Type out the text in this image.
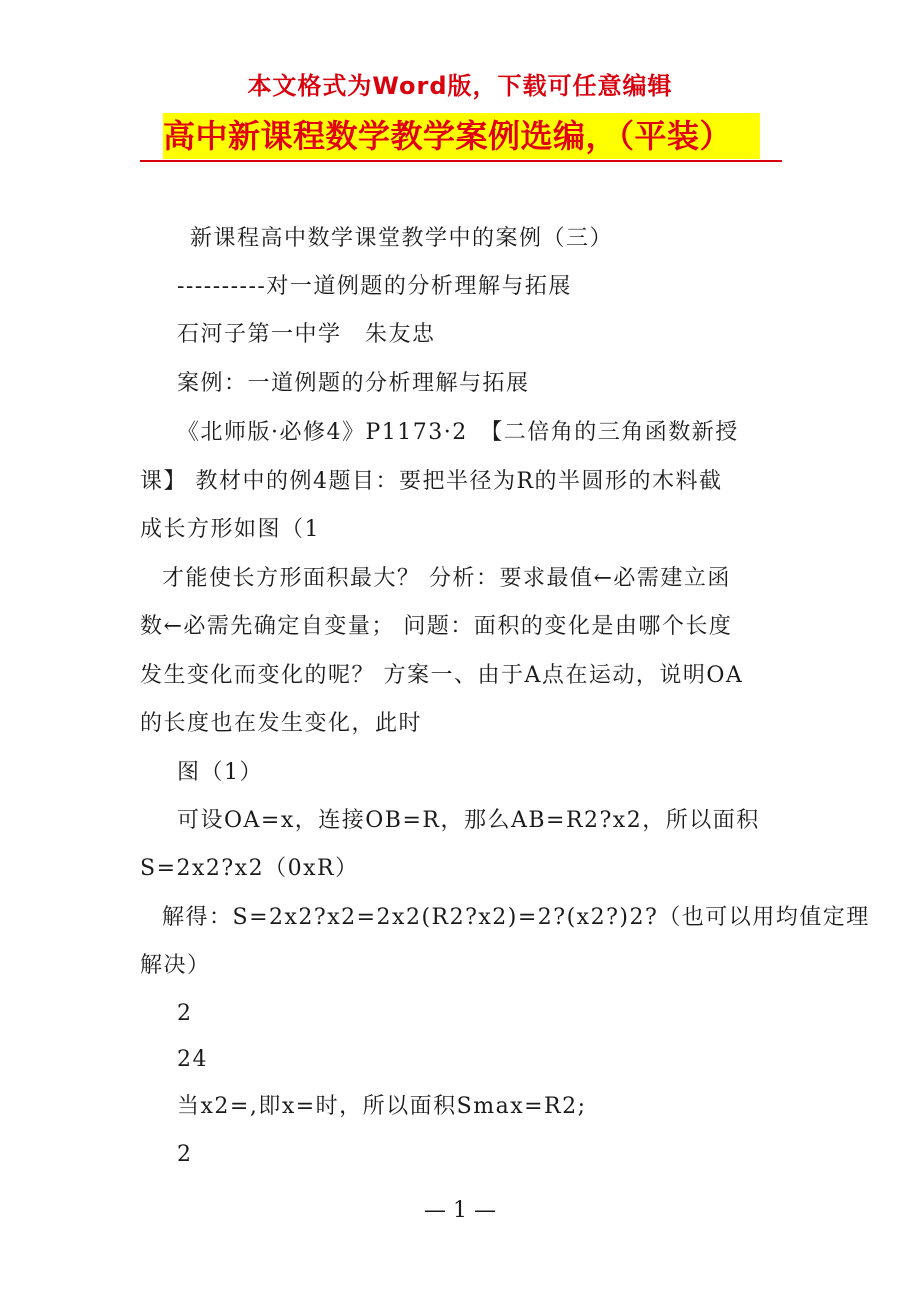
本文格式为Word版，下载可任意编辑
高中新课程数学教学案例选编，（平装）
新课程高中数学课堂教学中的案例（三）
----------对一道例题的分析理解与拓展
石河子第一中学　朱友忠
案例：一道例题的分析理解与拓展
《北师版·必修4》P1173·2　【二倍角的三角函数新授
课】 教材中的例4题目：要把半径为R的半圆形的木料截
成长方形如图（1
才能使长方形面积最大？ 分析：要求最值←必需建立函
数←必需先确定自变量； 问题：面积的变化是由哪个长度
发生变化而变化的呢？ 方案一、由于A点在运动，说明OA
的长度也在发生变化，此时
图（1）
可设OA=x，连接OB=R，那么AB=R2?x2，所以面积
S=2x2?x2（0xR）
解得：S=2x2?x2=2x2(R2?x2)=2?(x2?)2?（也可以用均值定理
解决）
2
24
当x2=,即x=时，所以面积Smax=R2;
2
— 1 —
